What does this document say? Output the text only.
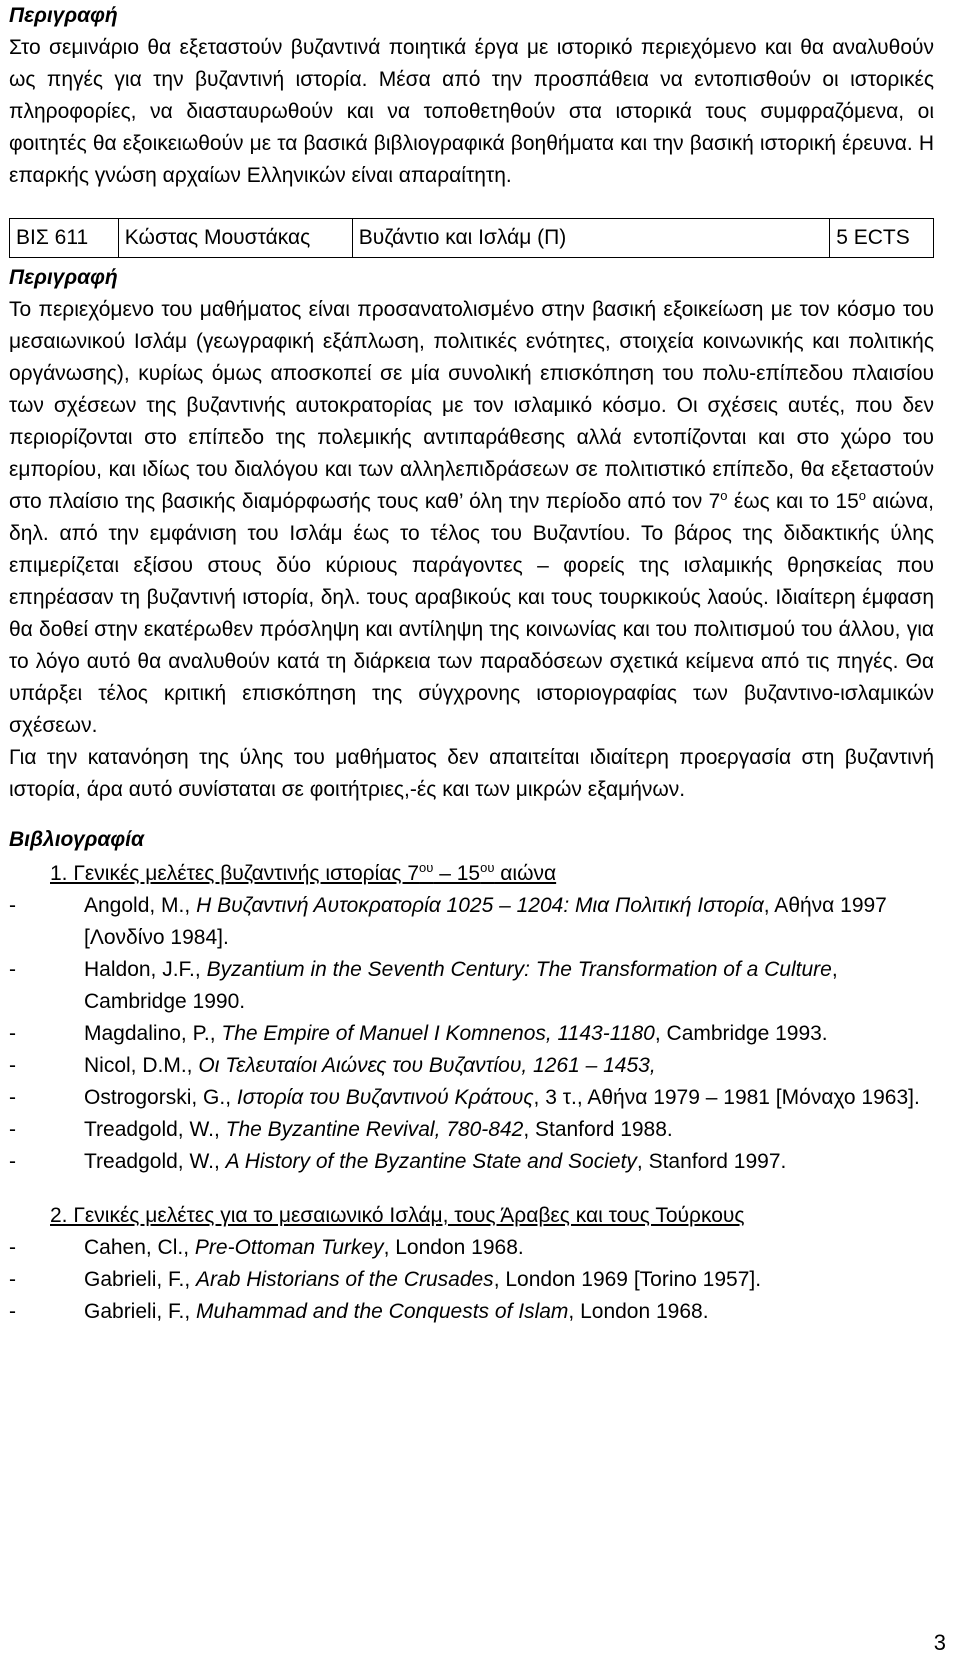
Περιγραφή

Στο σεμινάριο θα εξεταστούν βυζαντινά ποιητικά έργα με ιστορικό περιεχόμενο και θα αναλυθούν ως πηγές για την βυζαντινή ιστορία. Μέσα από την προσπάθεια να εντοπισθούν οι ιστορικές πληροφορίες, να διασταυρωθούν και να τοποθετηθούν στα ιστορικά τους συμφραζόμενα, οι φοιτητές θα εξοικειωθούν με τα βασικά βιβλιογραφικά βοηθήματα και την βασική ιστορική έρευνα. Η επαρκής γνώση αρχαίων Ελληνικών είναι απαραίτητη.

ΒΙΣ 611	Κώστας Μουστάκας	Βυζάντιο και Ισλάμ (Π)	5 ECTS
Περιγραφή

Το περιεχόμενο του μαθήματος είναι προσανατολισμένο στην βασική εξοικείωση με τον κόσμο του μεσαιωνικού Ισλάμ (γεωγραφική εξάπλωση, πολιτικές ενότητες, στοιχεία κοινωνικής και πολιτικής οργάνωσης), κυρίως όμως αποσκοπεί σε μία συνολική επισκόπηση του πολυ-επίπεδου πλαισίου των σχέσεων της βυζαντινής αυτοκρατορίας με τον ισλαμικό κόσμο. Οι σχέσεις αυτές, που δεν περιορίζονται στο επίπεδο της πολεμικής αντιπαράθεσης αλλά εντοπίζονται και στο χώρο του εμπορίου, και ιδίως του διαλόγου και των αλληλεπιδράσεων σε πολιτιστικό επίπεδο, θα εξεταστούν στο πλαίσιο της βασικής διαμόρφωσής τους καθ’ όλη την περίοδο από τον $7^o$ έως και το $15^o$ αιώνα, δηλ. από την εμφάνιση του Ισλάμ έως το τέλος του Βυζαντίου. Το βάρος της διδακτικής ύλης επιμερίζεται εξίσου στους δύο κύριους παράγοντες – φορείς της ισλαμικής θρησκείας που επηρέασαν τη βυζαντινή ιστορία, δηλ. τους αραβικούς και τους τουρκικούς λαούς. Ιδιαίτερη έμφαση θα δοθεί στην εκατέρωθεν πρόσληψη και αντίληψη της κοινωνίας και του πολιτισμού του άλλου, για το λόγο αυτό θα αναλυθούν κατά τη διάρκεια των παραδόσεων σχετικά κείμενα από τις πηγές. Θα υπάρξει τέλος κριτική επισκόπηση της σύγχρονης ιστοριογραφίας των βυζαντινο-ισλαμικών σχέσεων.

Για την κατανόηση της ύλης του μαθήματος δεν απαιτείται ιδιαίτερη προεργασία στη βυζαντινή ιστορία, άρα αυτό συνίσταται σε φοιτήτριες,-ές και των μικρών εξαμήνων.

Βιβλιογραφία
1. Γενικές μελέτες βυζαντινής ιστορίας $7^{o\upsilon} - 15^{o\upsilon}$ αιώνα
-	Angold, M., Η Βυζαντινή Αυτοκρατορία 1025 – 1204: Μια Πολιτική Ιστορία, Αθήνα 1997 [Λονδίνο 1984].
-	Haldon, J.F., Byzantium in the Seventh Century: The Transformation of a Culture, Cambridge 1990.
-	Magdalino, P., The Empire of Manuel I Komnenos, 1143-1180, Cambridge 1993.
-	Nicol, D.M., Οι Τελευταίοι Αιώνες του Βυζαντίου, 1261 – 1453,
-	Ostrogorski, G., Ιστορία του Βυζαντινού Κράτους, 3 τ., Αθήνα 1979 – 1981 [Μόναχο 1963].
-	Treadgold, W., The Byzantine Revival, 780-842, Stanford 1988.
-	Treadgold, W., A History of the Byzantine State and Society, Stanford 1997.
2. Γενικές μελέτες για το μεσαιωνικό Ισλάμ, τους Άραβες και τους Τούρκους
-	Cahen, Cl., Pre-Ottoman Turkey, London 1968.
-	Gabrieli, F., Arab Historians of the Crusades, London 1969 [Torino 1957].
-	Gabrieli, F., Muhammad and the Conquests of Islam, London 1968.
3
